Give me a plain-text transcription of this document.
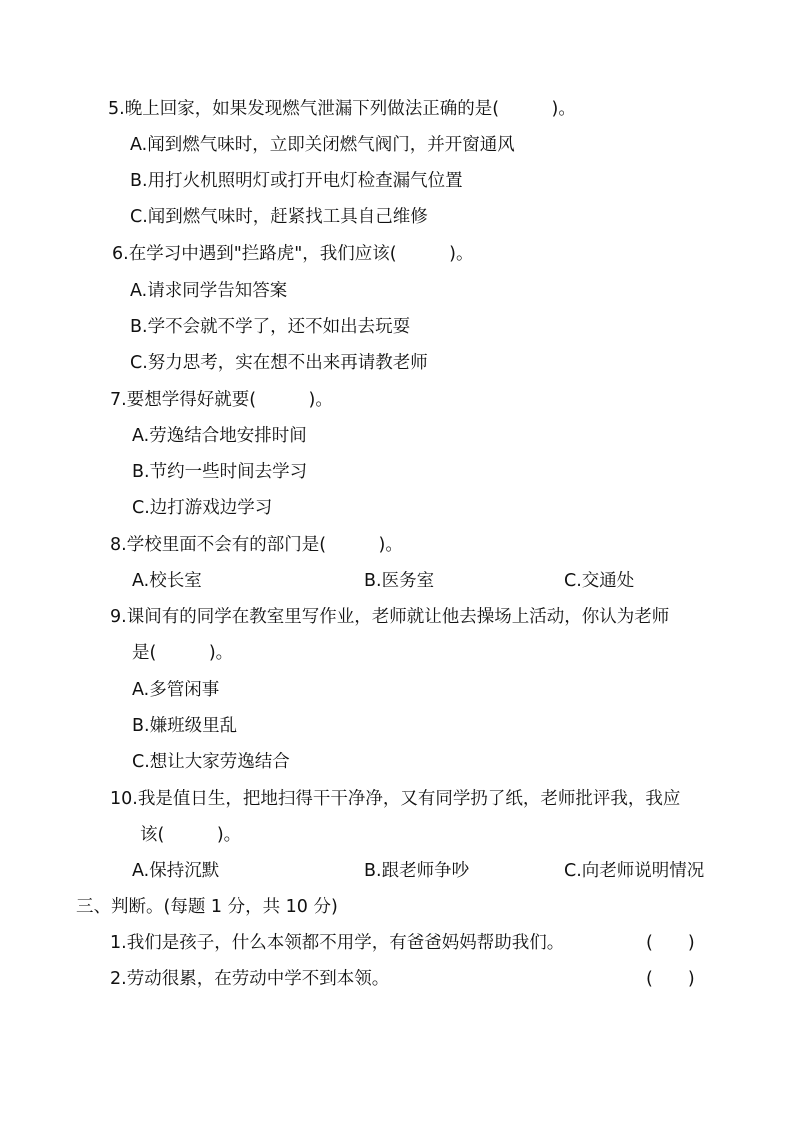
5.晚上回家，如果发现燃气泄漏下列做法正确的是(　　　)。
A.闻到燃气味时，立即关闭燃气阀门，并开窗通风
B.用打火机照明灯或打开电灯检查漏气位置
C.闻到燃气味时，赶紧找工具自己维修
6.在学习中遇到"拦路虎"，我们应该(　　　)。
A.请求同学告知答案
B.学不会就不学了，还不如出去玩耍
C.努力思考，实在想不出来再请教老师
7.要想学得好就要(　　　)。
A.劳逸结合地安排时间
B.节约一些时间去学习
C.边打游戏边学习
8.学校里面不会有的部门是(　　　)。
A.校长室	B.医务室	C.交通处
9.课间有的同学在教室里写作业，老师就让他去操场上活动，你认为老师
是(　　　)。
A.多管闲事
B.嫌班级里乱
C.想让大家劳逸结合
10.我是值日生，把地扫得干干净净，又有同学扔了纸，老师批评我，我应
该(　　　)。
A.保持沉默	B.跟老师争吵	C.向老师说明情况
三、判断。(每题 1 分，共 10 分)
1.我们是孩子，什么本领都不用学，有爸爸妈妈帮助我们。	(　　)
2.劳动很累，在劳动中学不到本领。	(　　)
